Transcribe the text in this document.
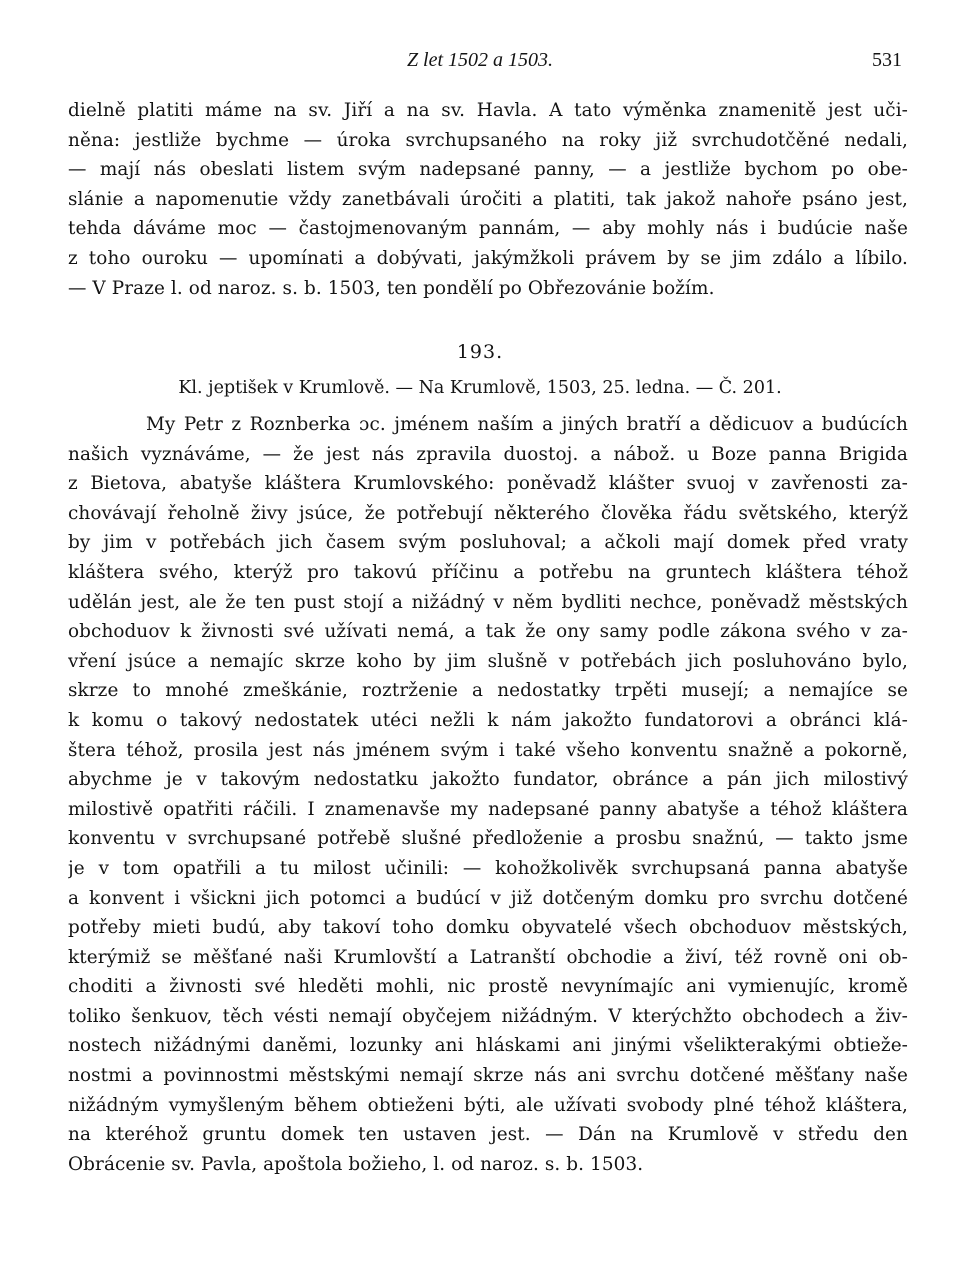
Z let 1502 a 1503.	531
dielně platiti máme na sv. Jiří a na sv. Havla. A tato výměnka znamenitě jest uči-
něna: jestliže bychme — úroka svrchupsaného na roky již svrchudotčěné nedali,
— mají nás obeslati listem svým nadepsané panny, — a jestliže bychom po obe-
slánie a napomenutie vždy zanetbávali úročiti a platiti, tak jakož nahoře psáno jest,
tehda dáváme moc — častojmenovaným pannám, — aby mohly nás i budúcie naše
z toho ouroku — upomínati a dobývati, jakýmžkoli právem by se jim zdálo a líbilo.
— V Praze l. od naroz. s. b. 1503, ten pondělí po Obřezovánie božím.
193.
Kl. jeptišek v Krumlově. — Na Krumlově, 1503, 25. ledna. — Č. 201.
My Petr z Roznberka ɔc. jménem naším a jiných bratří a dědicuov a budúcích
našich vyznáváme, — že jest nás zpravila duostoj. a nábož. u Boze panna Brigida
z Bietova, abatyše kláštera Krumlovského: poněvadž klášter svuoj v zavřenosti za-
chovávají řeholně živy jsúce, že potřebují některého člověka řádu světského, kterýž
by jim v potřebách jich časem svým posluhoval; a ačkoli mají domek před vraty
kláštera svého, kterýž pro takovú příčinu a potřebu na gruntech kláštera téhož
udělán jest, ale že ten pust stojí a nižádný v něm bydliti nechce, poněvadž městských
obchoduov k živnosti své užívati nemá, a tak že ony samy podle zákona svého v za-
vření jsúce a nemajíc skrze koho by jim slušně v potřebách jich posluhováno bylo,
skrze to mnohé zmeškánie, roztrženie a nedostatky trpěti musejí; a nemajíce se
k komu o takový nedostatek utéci nežli k nám jakožto fundatorovi a obránci klá-
štera téhož, prosila jest nás jménem svým i také všeho konventu snažně a pokorně,
abychme je v takovým nedostatku jakožto fundator, obránce a pán jich milostivý
milostivě opatřiti ráčili. I znamenavše my nadepsané panny abatyše a téhož kláštera
konventu v svrchupsané potřebě slušné předloženie a prosbu snažnú, — takto jsme
je v tom opatřili a tu milost učinili: — kohožkolivěk svrchupsaná panna abatyše
a konvent i všickni jich potomci a budúcí v již dotčeným domku pro svrchu dotčené
potřeby mieti budú, aby takoví toho domku obyvatelé všech obchoduov městských,
kterýmiž se měšťané naši Krumlovští a Latranští obchodie a živí, též rovně oni ob-
choditi a živnosti své hleděti mohli, nic prostě nevynímajíc ani vymienujíc, kromě
toliko šenkuov, těch vésti nemají obyčejem nižádným. V kterýchžto obchodech a živ-
nostech nižádnými daněmi, lozunky ani hláskami ani jinými všelikterakými obtieže-
nostmi a povinnostmi městskými nemají skrze nás ani svrchu dotčené měšťany naše
nižádným vymyšleným během obtieženi býti, ale užívati svobody plné téhož kláštera,
na kteréhož gruntu domek ten ustaven jest. — Dán na Krumlově v středu den
Obrácenie sv. Pavla, apoštola božieho, l. od naroz. s. b. 1503.
